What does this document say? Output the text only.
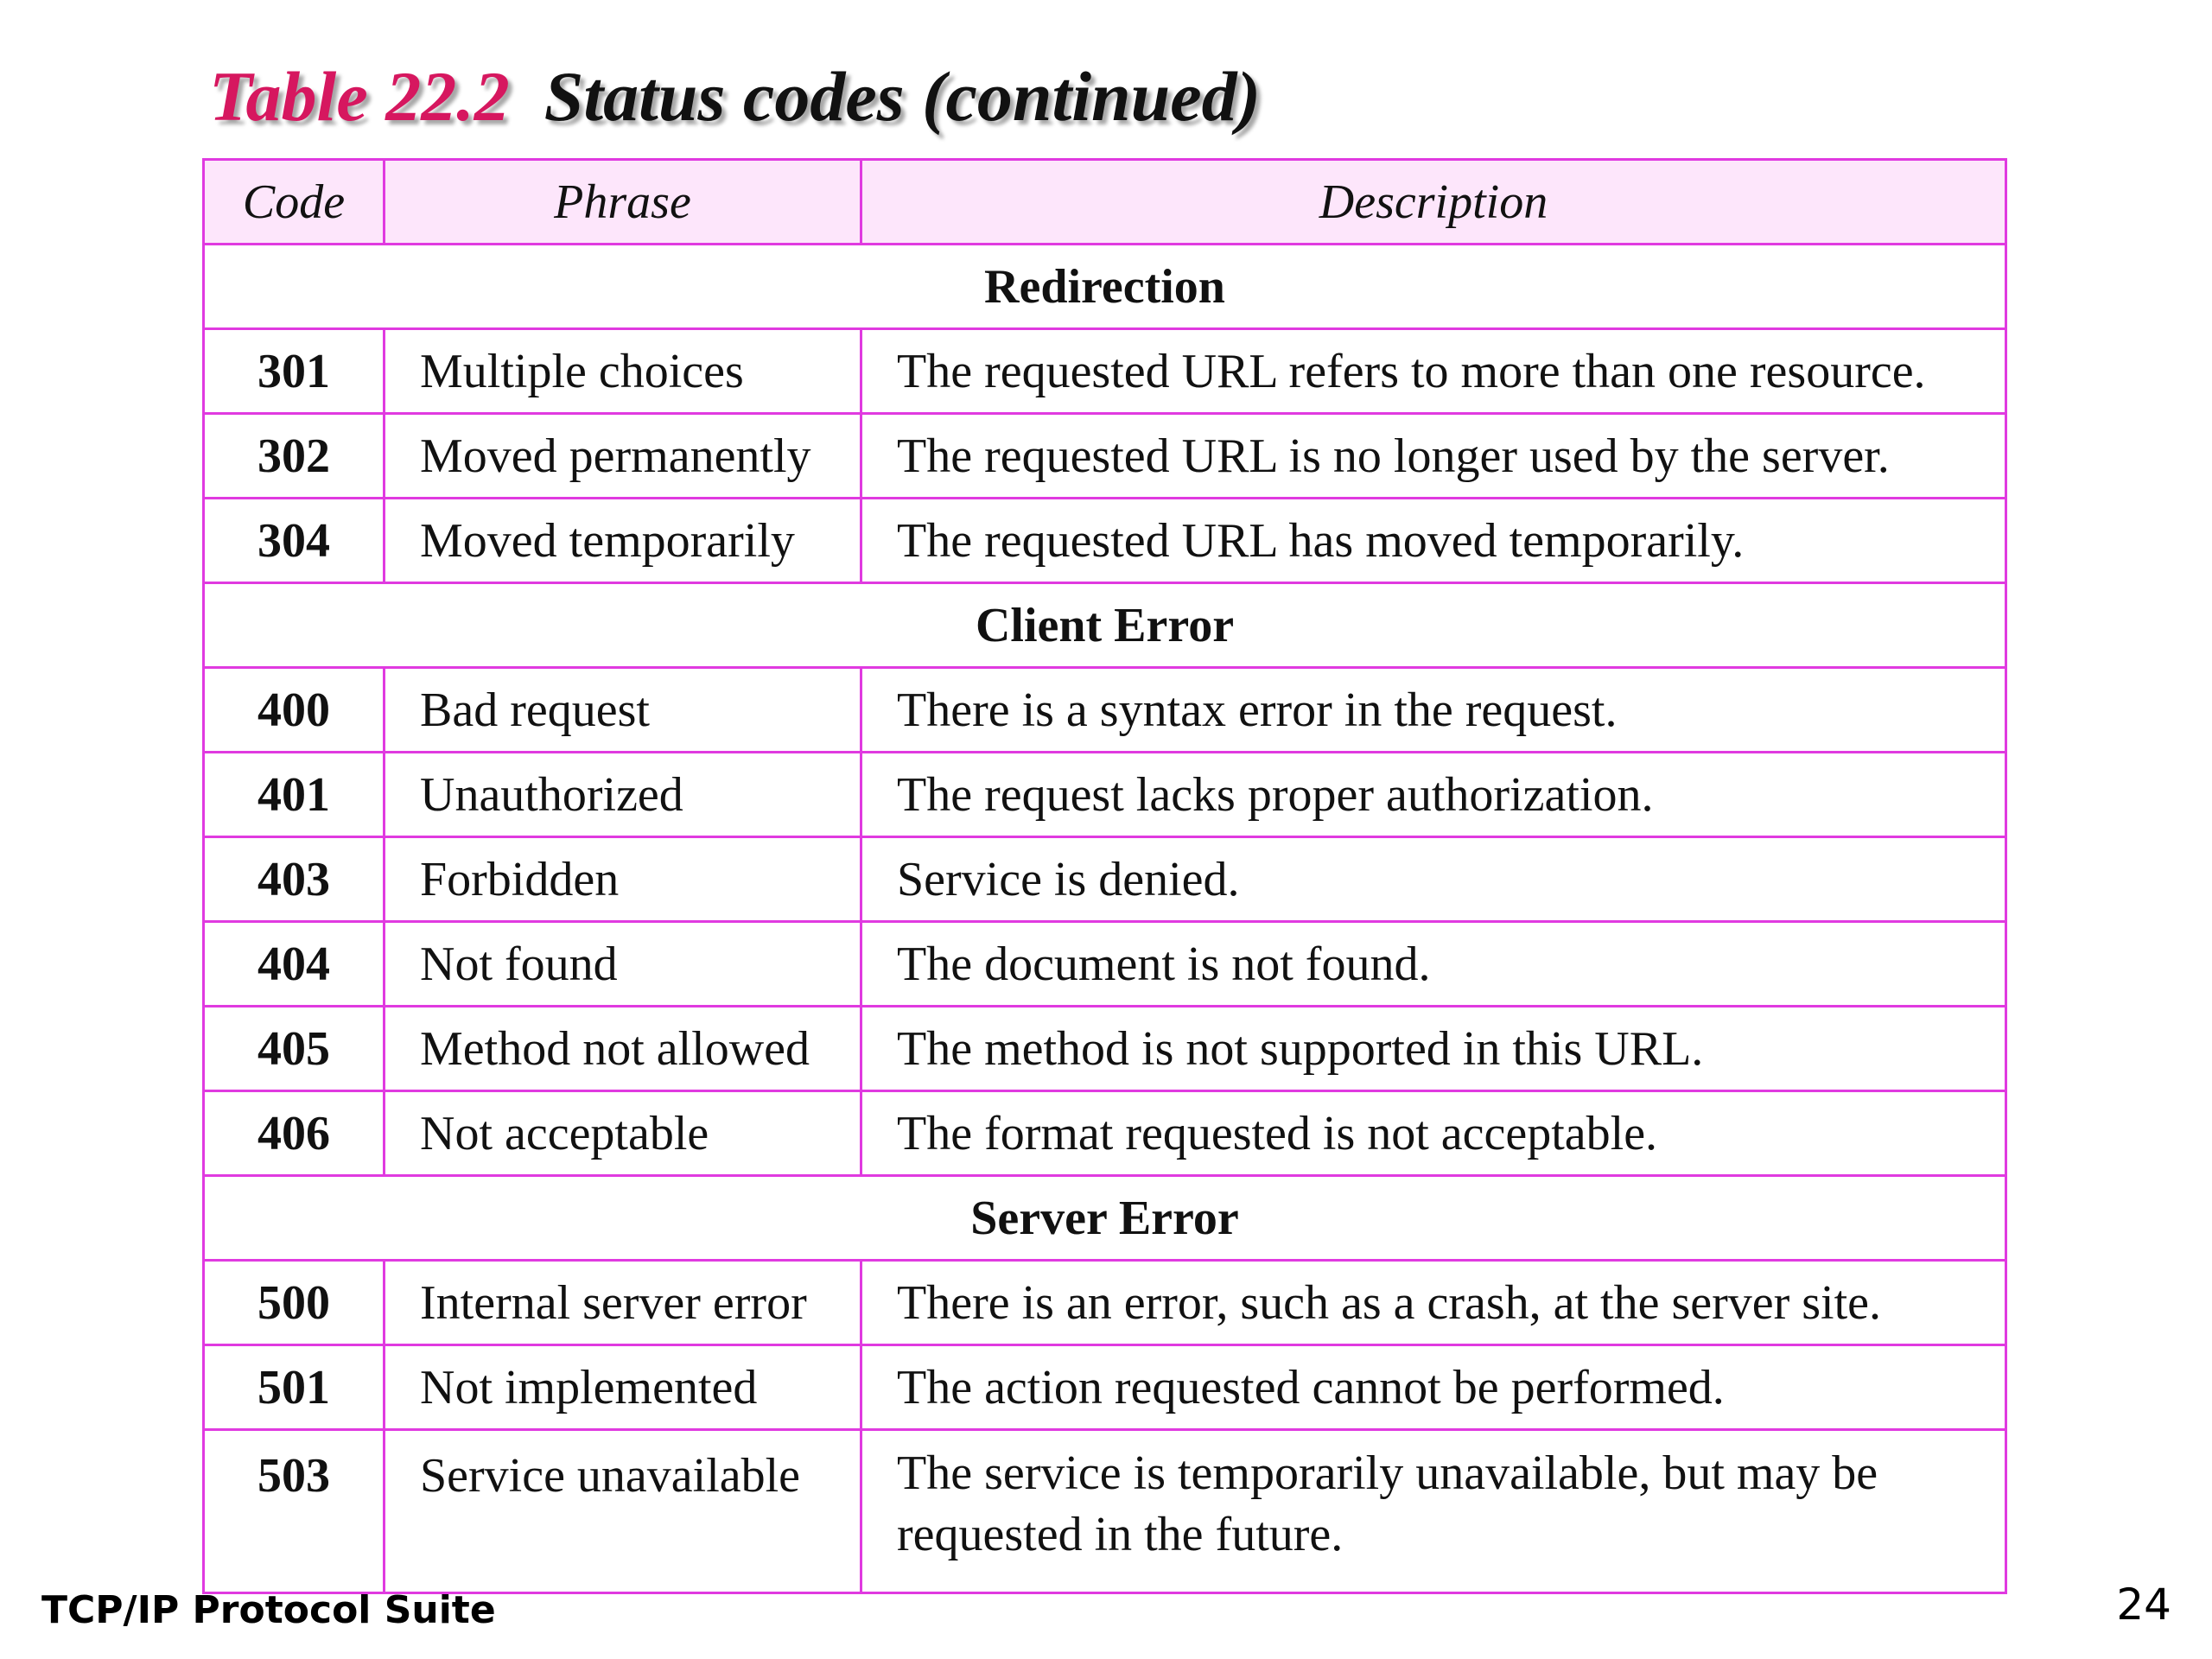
Table 22.2 Status codes (continued)
Code	Phrase	Description
Redirection		
301	Multiple choices	The requested URL refers to more than one resource.
302	Moved permanently	The requested URL is no longer used by the server.
304	Moved temporarily	The requested URL has moved temporarily.
Client Error		
400	Bad request	There is a syntax error in the request.
401	Unauthorized	The request lacks proper authorization.
403	Forbidden	Service is denied.
404	Not found	The document is not found.
405	Method not allowed	The method is not supported in this URL.
406	Not acceptable	The format requested is not acceptable.
Server Error		
500	Internal server error	There is an error, such as a crash, at the server site.
501	Not implemented	The action requested cannot be performed.
503	Service unavailable	The service is temporarily unavailable, but may be requested in the future.
TCP/IP Protocol Suite	24
